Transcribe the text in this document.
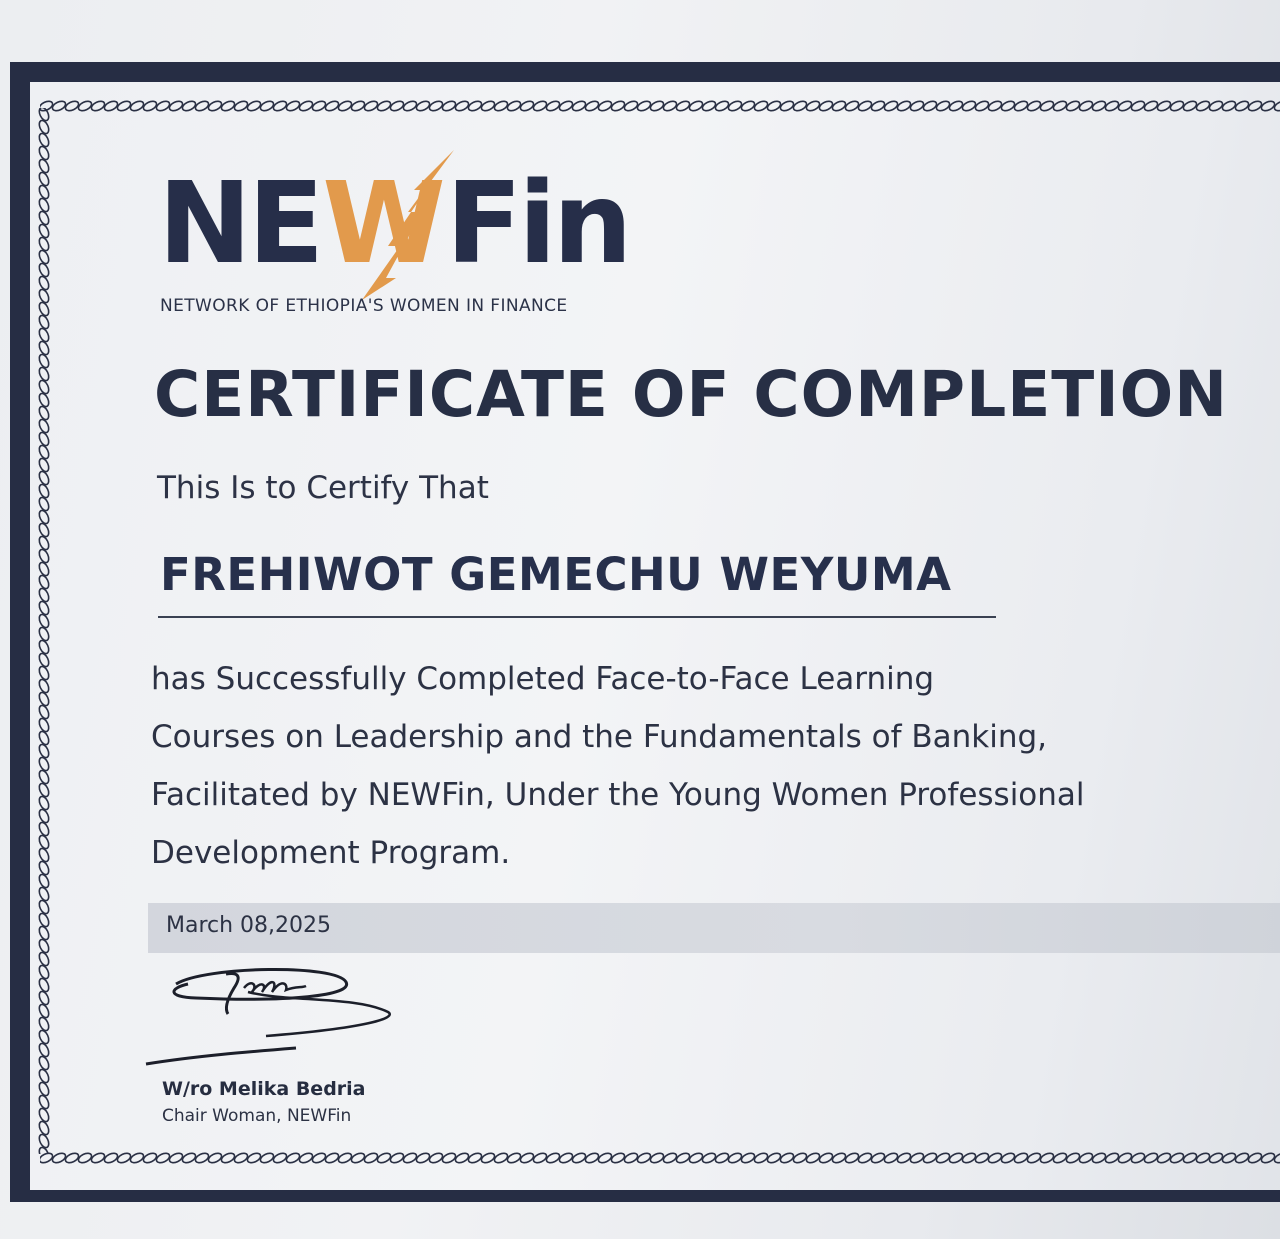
NEWFin
NETWORK OF ETHIOPIA'S WOMEN IN FINANCE
CERTIFICATE OF COMPLETION
This Is to Certify That
FREHIWOT GEMECHU WEYUMA
has Successfully Completed Face-to-Face Learning
Courses on Leadership and the Fundamentals of Banking,
Facilitated by NEWFin, Under the Young Women Professional
Development Program.
March 08,2025
W/ro Melika Bedria
Chair Woman, NEWFin
